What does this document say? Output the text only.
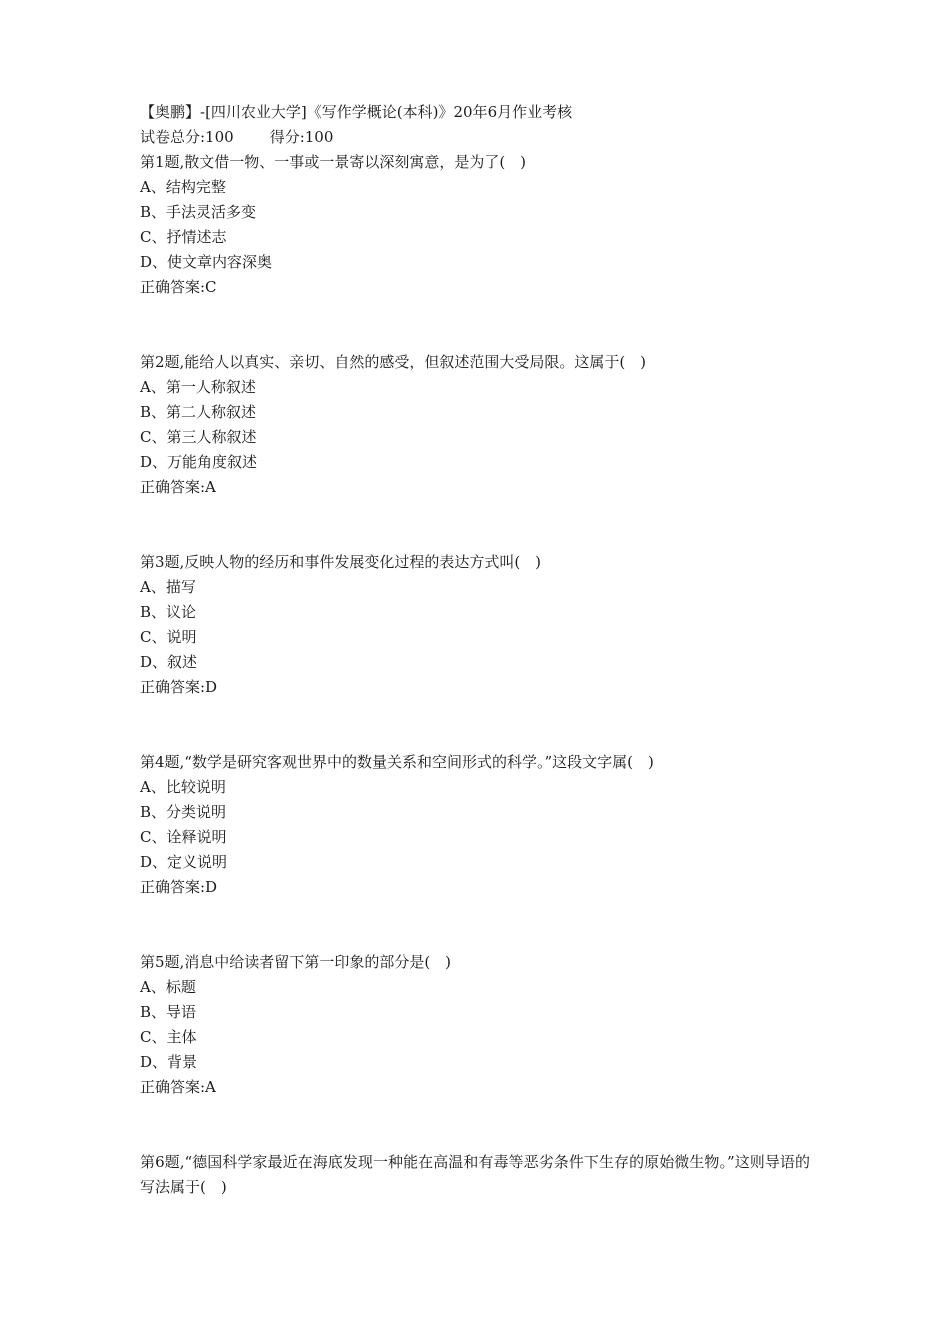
【奥鹏】-[四川农业大学]《写作学概论(本科)》20年6月作业考核
试卷总分:100 得分:100
第1题,散文借一物、一事或一景寄以深刻寓意，是为了(　)
A、结构完整
B、手法灵活多变
C、抒情述志
D、使文章内容深奥
正确答案:C
第2题,能给人以真实、亲切、自然的感受，但叙述范围大受局限。这属于(　)
A、第一人称叙述
B、第二人称叙述
C、第三人称叙述
D、万能角度叙述
正确答案:A
第3题,反映人物的经历和事件发展变化过程的表达方式叫(　)
A、描写
B、议论
C、说明
D、叙述
正确答案:D
第4题,“数学是研究客观世界中的数量关系和空间形式的科学。”这段文字属(　)
A、比较说明
B、分类说明
C、诠释说明
D、定义说明
正确答案:D
第5题,消息中给读者留下第一印象的部分是(　)
A、标题
B、导语
C、主体
D、背景
正确答案:A
第6题,“德国科学家最近在海底发现一种能在高温和有毒等恶劣条件下生存的原始微生物。”这则导语的写法属于(　)
